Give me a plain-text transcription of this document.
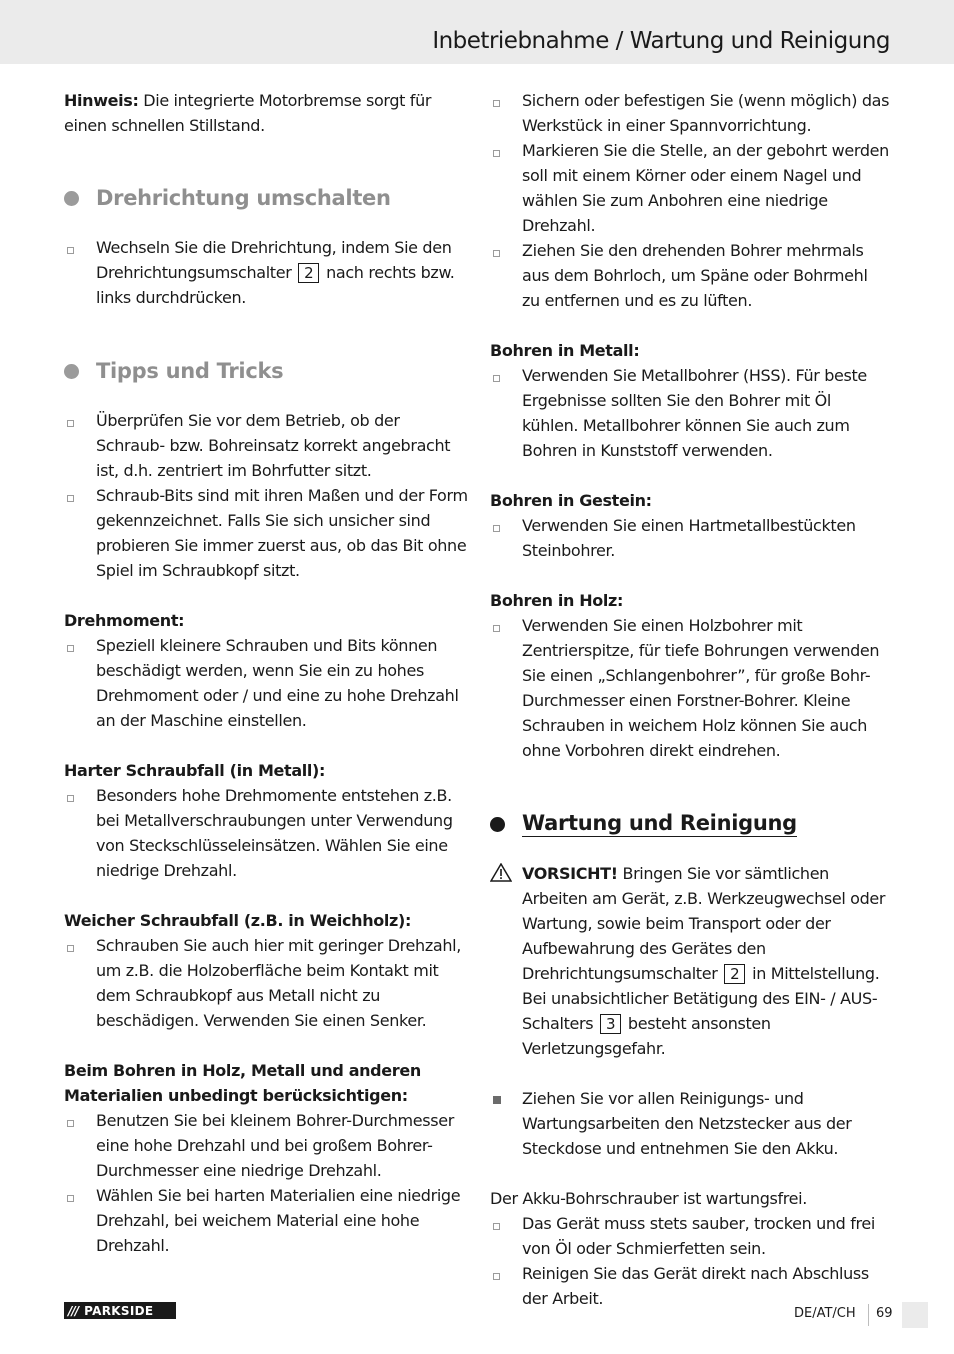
Inbetriebnahme / Wartung und Reinigung

Hinweis: Die integrierte Motorbremse sorgt für einen schnellen Stillstand.

Drehrichtung umschalten

Wechseln Sie die Drehrichtung, indem Sie den Drehrichtungsumschalter 2 nach rechts bzw. links durchdrücken.

Tipps und Tricks

Überprüfen Sie vor dem Betrieb, ob der Schraub- bzw. Bohreinsatz korrekt angebracht ist, d.h. zentriert im Bohrfutter sitzt.

Schraub-Bits sind mit ihren Maßen und der Form gekennzeichnet. Falls Sie sich unsicher sind probieren Sie immer zuerst aus, ob das Bit ohne Spiel im Schraubkopf sitzt.

Drehmoment:

Speziell kleinere Schrauben und Bits können beschädigt werden, wenn Sie ein zu hohes Drehmoment oder / und eine zu hohe Drehzahl an der Maschine einstellen.

Harter Schraubfall (in Metall):

Besonders hohe Drehmomente entstehen z.B. bei Metallverschraubungen unter Verwendung von Steckschlüsseleinsätzen. Wählen Sie eine niedrige Drehzahl.

Weicher Schraubfall (z.B. in Weichholz):

Schrauben Sie auch hier mit geringer Drehzahl, um z.B. die Holzoberfläche beim Kontakt mit dem Schraubkopf aus Metall nicht zu beschädigen. Verwenden Sie einen Senker.

Beim Bohren in Holz, Metall und anderen Materialien unbedingt berücksichtigen:

Benutzen Sie bei kleinem Bohrer-Durchmesser eine hohe Drehzahl und bei großem Bohrer-Durchmesser eine niedrige Drehzahl.

Wählen Sie bei harten Materialien eine niedrige Drehzahl, bei weichem Material eine hohe Drehzahl.

Sichern oder befestigen Sie (wenn möglich) das Werkstück in einer Spannvorrichtung.

Markieren Sie die Stelle, an der gebohrt werden soll mit einem Körner oder einem Nagel und wählen Sie zum Anbohren eine niedrige Drehzahl.

Ziehen Sie den drehenden Bohrer mehrmals aus dem Bohrloch, um Späne oder Bohrmehl zu entfernen und es zu lüften.

Bohren in Metall:

Verwenden Sie Metallbohrer (HSS). Für beste Ergebnisse sollten Sie den Bohrer mit Öl kühlen. Metallbohrer können Sie auch zum Bohren in Kunststoff verwenden.

Bohren in Gestein:

Verwenden Sie einen Hartmetallbestückten Steinbohrer.

Bohren in Holz:

Verwenden Sie einen Holzbohrer mit Zentrierspitze, für tiefe Bohrungen verwenden Sie einen „Schlangenbohrer”, für große Bohr-Durchmesser einen Forstner-Bohrer. Kleine Schrauben in weichem Holz können Sie auch ohne Vorbohren direkt eindrehen.

Wartung und Reinigung

VORSICHT! Bringen Sie vor sämtlichen Arbeiten am Gerät, z.B. Werkzeugwechsel oder Wartung, sowie beim Transport oder der Aufbewahrung des Gerätes den Drehrichtungsumschalter 2 in Mittelstellung. Bei unabsichtlicher Betätigung des EIN- / AUS-Schalters 3 besteht ansonsten Verletzungsgefahr.

Ziehen Sie vor allen Reinigungs- und Wartungsarbeiten den Netzstecker aus der Steckdose und entnehmen Sie den Akku.

Der Akku-Bohrschrauber ist wartungsfrei.

Das Gerät muss stets sauber, trocken und frei von Öl oder Schmierfetten sein.

Reinigen Sie das Gerät direkt nach Abschluss der Arbeit.

/// PARKSIDE	DE/AT/CH 69
